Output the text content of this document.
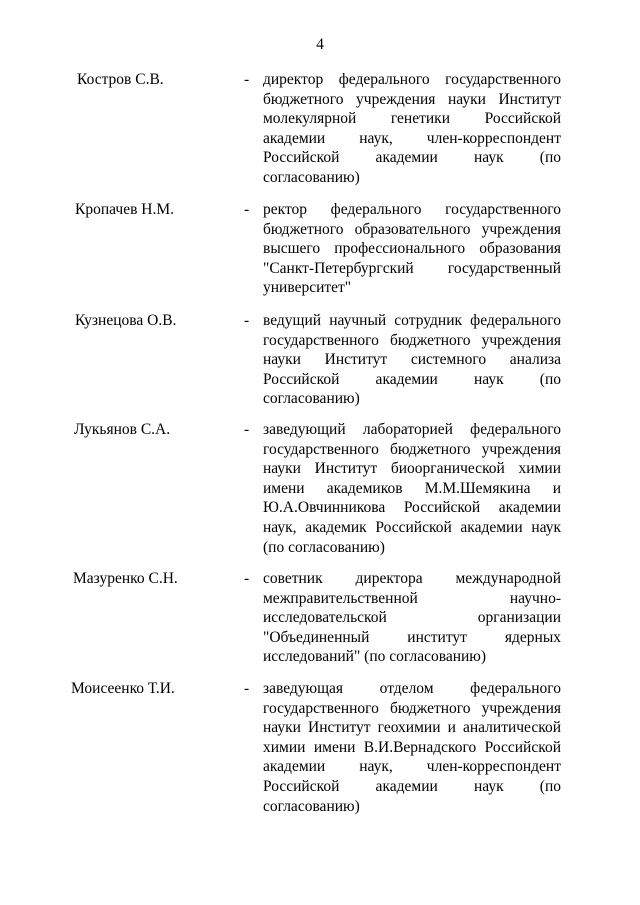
4
Костров С.В.	- директор федерального государственного
бюджетного учреждения науки Институт
молекулярной генетики Российской
академии наук, член-корреспондент
Российской академии наук (по
согласованию)
Кропачев Н.М.	- ректор федерального государственного
бюджетного образовательного учреждения
высшего профессионального образования
"Санкт-Петербургский государственный
университет"
Кузнецова О.В.	- ведущий научный сотрудник федерального
государственного бюджетного учреждения
науки Институт системного анализа
Российской академии наук (по
согласованию)
Лукьянов С.А.	- заведующий лабораторией федерального
государственного бюджетного учреждения
науки Институт биоорганической химии
имени академиков М.М.Шемякина и
Ю.А.Овчинникова Российской академии
наук, академик Российской академии наук
(по согласованию)
Мазуренко С.Н.	- советник директора международной
межправительственной научно-
исследовательской организации
"Объединенный институт ядерных
исследований" (по согласованию)
Моисеенко Т.И.	- заведующая отделом федерального
государственного бюджетного учреждения
науки Институт геохимии и аналитической
химии имени В.И.Вернадского Российской
академии наук, член-корреспондент
Российской академии наук (по
согласованию)
